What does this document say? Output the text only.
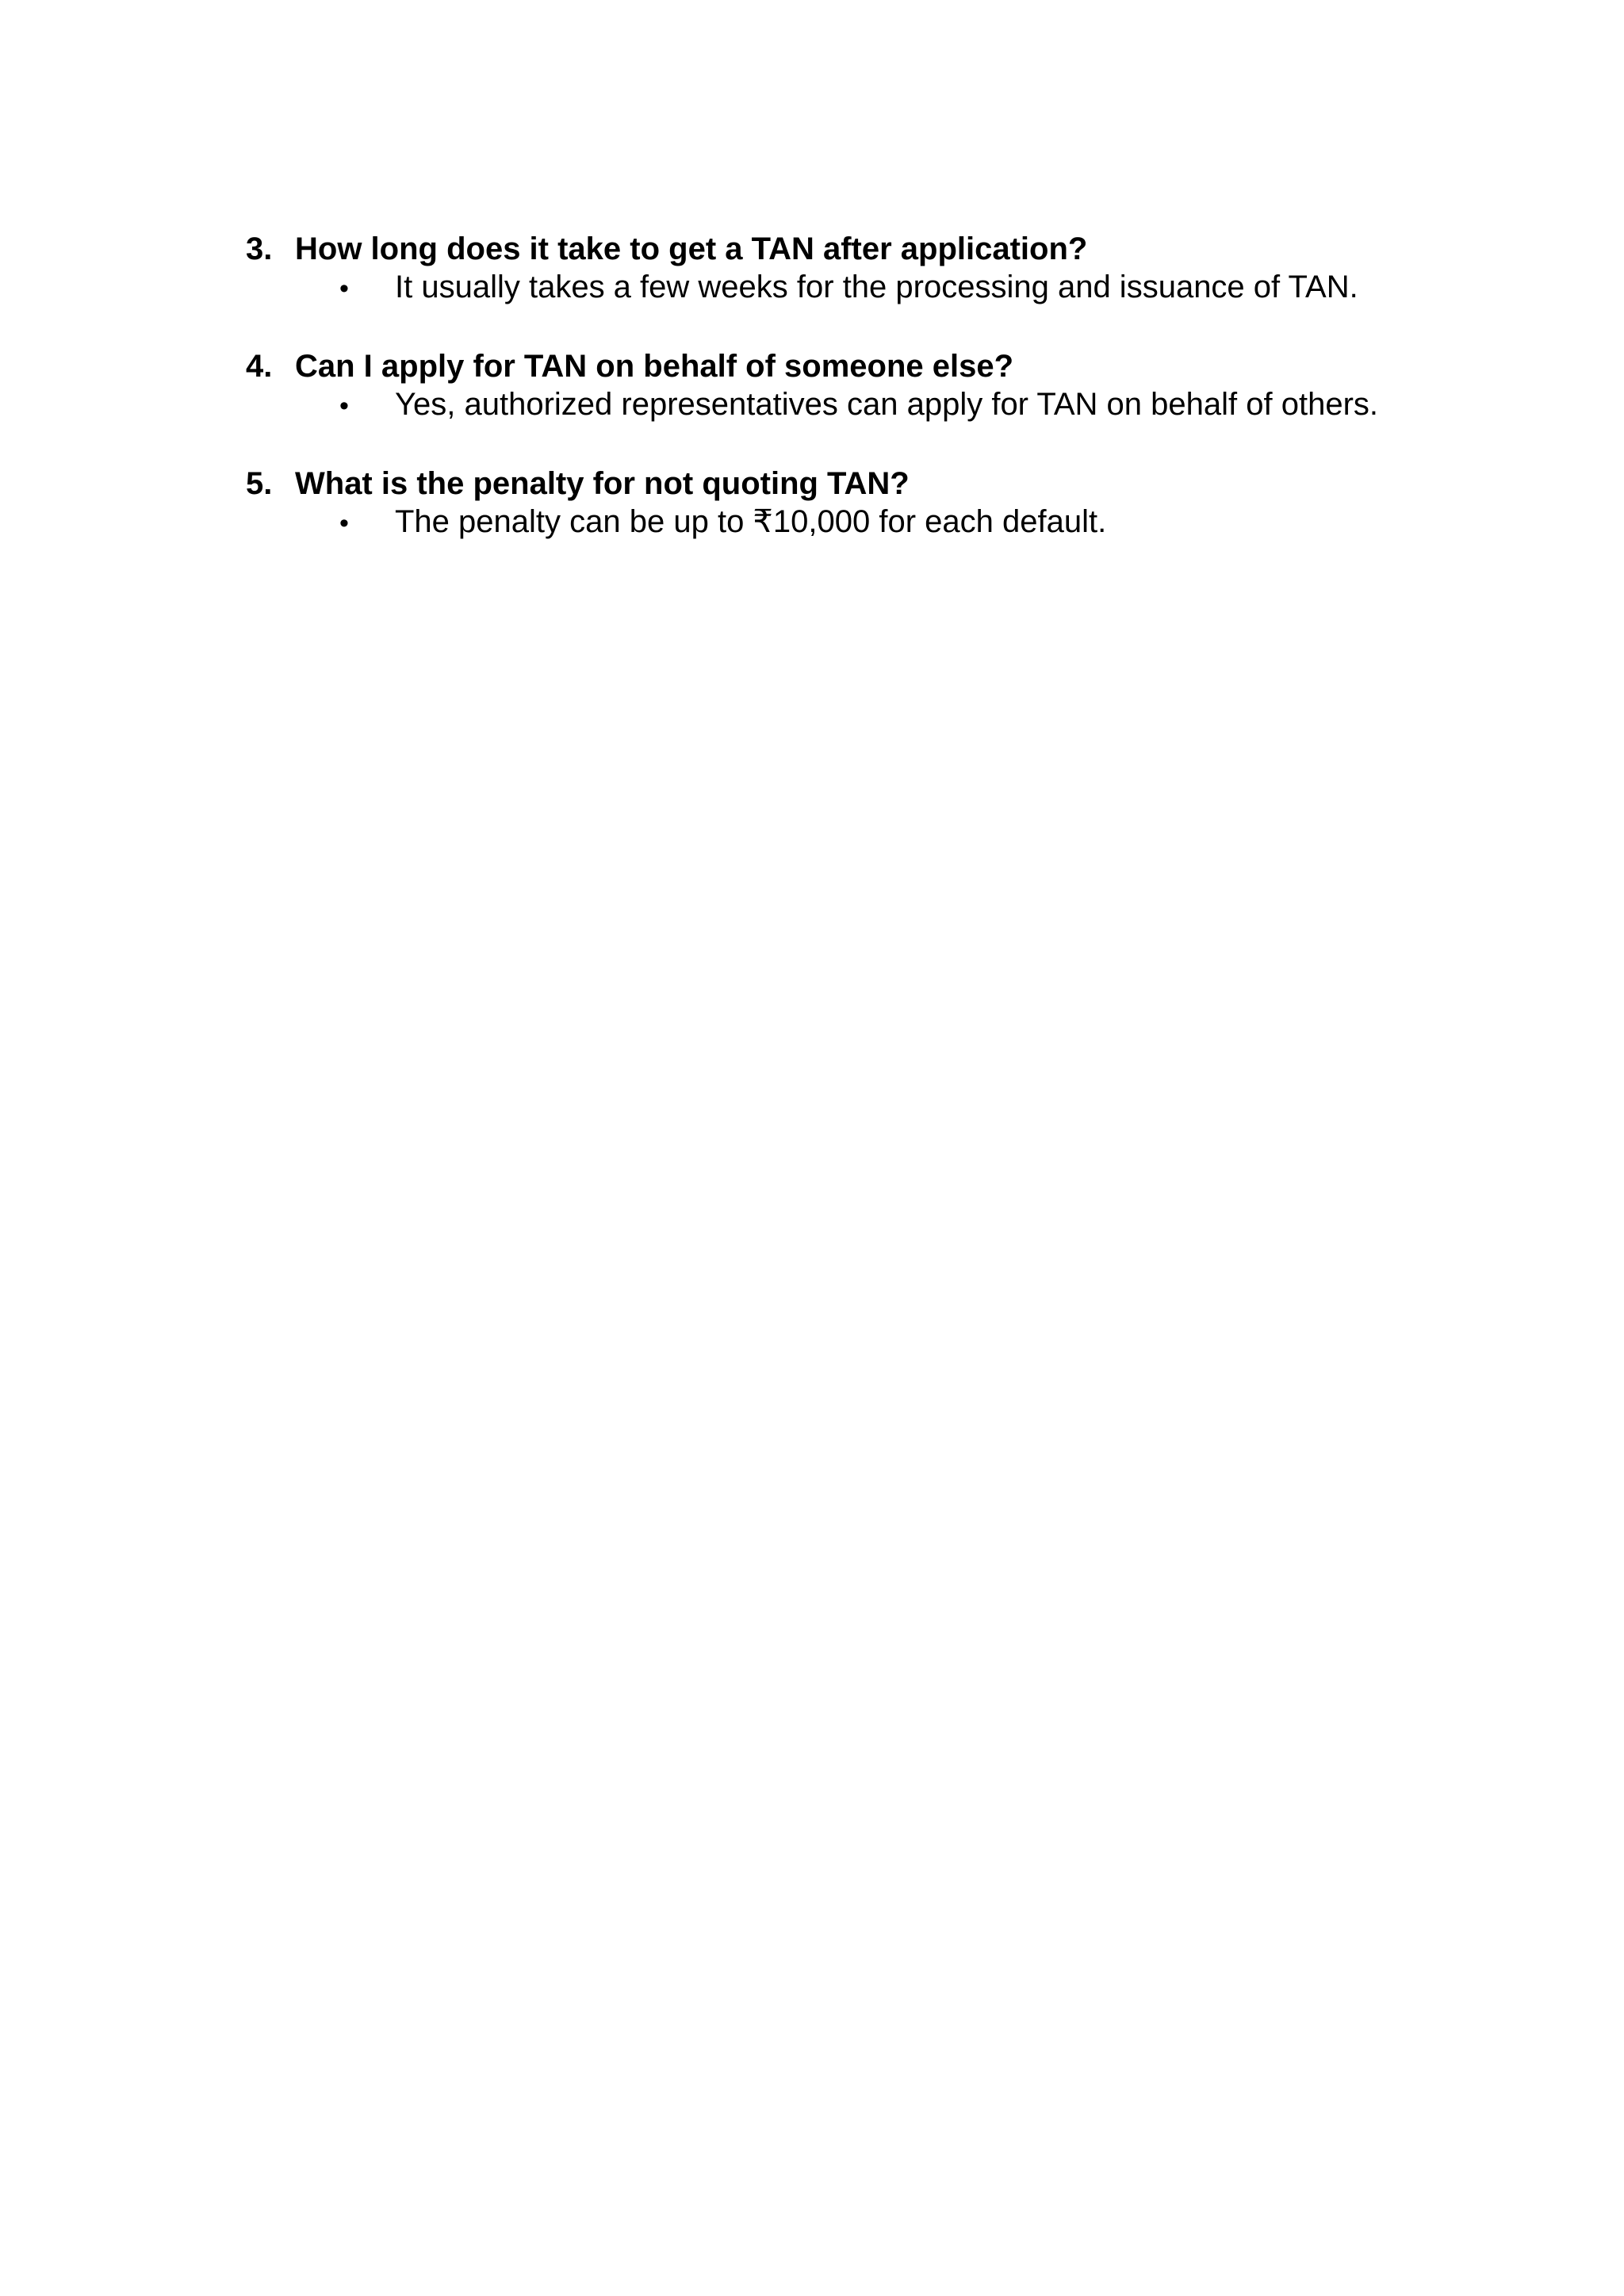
3. How long does it take to get a TAN after application?
•	It usually takes a few weeks for the processing and issuance of TAN.
4. Can I apply for TAN on behalf of someone else?
•	Yes, authorized representatives can apply for TAN on behalf of others.
5. What is the penalty for not quoting TAN?
•	The penalty can be up to ₹10,000 for each default.
